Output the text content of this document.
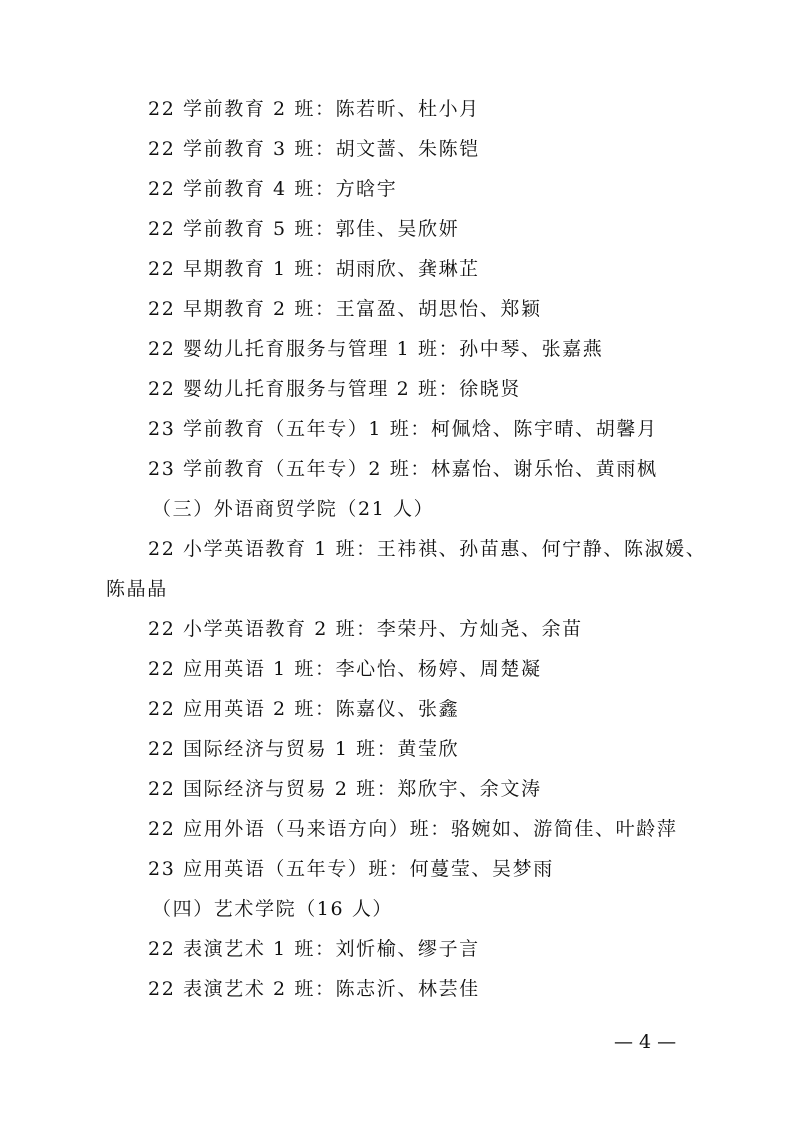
22 学前教育 2 班：陈若昕、杜小月
22 学前教育 3 班：胡文蔷、朱陈铠
22 学前教育 4 班：方晗宇
22 学前教育 5 班：郭佳、吴欣妍
22 早期教育 1 班：胡雨欣、龚琳芷
22 早期教育 2 班：王富盈、胡思怡、郑颖
22 婴幼儿托育服务与管理 1 班：孙中琴、张嘉燕
22 婴幼儿托育服务与管理 2 班：徐晓贤
23 学前教育（五年专）1 班：柯佩焓、陈宇晴、胡馨月
23 学前教育（五年专）2 班：林嘉怡、谢乐怡、黄雨枫
（三）外语商贸学院（21 人）
22 小学英语教育 1 班：王祎祺、孙苗惠、何宁静、陈淑媛、
陈晶晶
22 小学英语教育 2 班：李荣丹、方灿尧、余苗
22 应用英语 1 班：李心怡、杨婷、周楚凝
22 应用英语 2 班：陈嘉仪、张鑫
22 国际经济与贸易 1 班：黄莹欣
22 国际经济与贸易 2 班：郑欣宇、余文涛
22 应用外语（马来语方向）班：骆婉如、游简佳、叶龄萍
23 应用英语（五年专）班：何蔓莹、吴梦雨
（四）艺术学院（16 人）
22 表演艺术 1 班：刘忻榆、缪子言
22 表演艺术 2 班：陈志沂、林芸佳
— 4 —
